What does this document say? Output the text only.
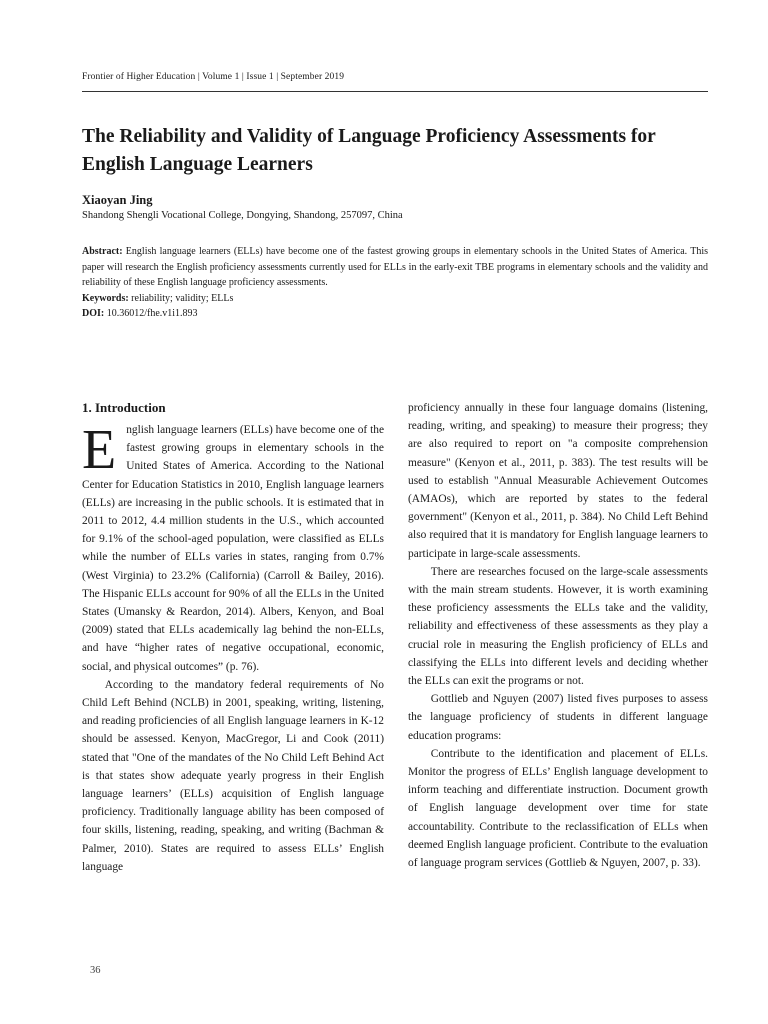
Frontier of Higher Education | Volume 1 | Issue 1 | September 2019
The Reliability and Validity of Language Proficiency Assessments for English Language Learners
Xiaoyan Jing
Shandong Shengli Vocational College, Dongying, Shandong, 257097, China

Abstract: English language learners (ELLs) have become one of the fastest growing groups in elementary schools in the United States of America. This paper will research the English proficiency assessments currently used for ELLs in the early-exit TBE programs in elementary schools and the validity and reliability of these English language proficiency assessments.

Keywords: reliability; validity; ELLs
DOI: 10.36012/fhe.v1i1.893
1. Introduction

English language learners (ELLs) have become one of the fastest growing groups in elementary schools in the United States of America. According to the National Center for Education Statistics in 2010, English language learners (ELLs) are increasing in the public schools. It is estimated that in 2011 to 2012, 4.4 million students in the U.S., which accounted for 9.1% of the school-aged population, were classified as ELLs while the number of ELLs varies in states, ranging from 0.7% (West Virginia) to 23.2% (California) (Carroll & Bailey, 2016). The Hispanic ELLs account for 90% of all the ELLs in the United States (Umansky & Reardon, 2014). Albers, Kenyon, and Boal (2009) stated that ELLs academically lag behind the non-ELLs, and have “higher rates of negative occupational, economic, social, and physical outcomes” (p. 76).

According to the mandatory federal requirements of No Child Left Behind (NCLB) in 2001, speaking, writing, listening, and reading proficiencies of all English language learners in K-12 should be assessed. Kenyon, MacGregor, Li and Cook (2011) stated that "One of the mandates of the No Child Left Behind Act is that states show adequate yearly progress in their English language learners’ (ELLs) acquisition of English language proficiency. Traditionally language ability has been composed of four skills, listening, reading, speaking, and writing (Bachman & Palmer, 2010). States are required to assess ELLs’ English language

proficiency annually in these four language domains (listening, reading, writing, and speaking) to measure their progress; they are also required to report on "a composite comprehension measure" (Kenyon et al., 2011, p. 383). The test results will be used to establish "Annual Measurable Achievement Outcomes (AMAOs), which are reported by states to the federal government" (Kenyon et al., 2011, p. 384). No Child Left Behind also required that it is mandatory for English language learners to participate in large-scale assessments.

There are researches focused on the large-scale assessments with the main stream students. However, it is worth examining these proficiency assessments the ELLs take and the validity, reliability and effectiveness of these assessments as they play a crucial role in measuring the English proficiency of ELLs and classifying the ELLs into different levels and deciding whether the ELLs can exit the programs or not.

Gottlieb and Nguyen (2007) listed fives purposes to assess the language proficiency of students in different language education programs:

Contribute to the identification and placement of ELLs. Monitor the progress of ELLs’ English language development to inform teaching and differentiate instruction. Document growth of English language development over time for state accountability. Contribute to the reclassification of ELLs when deemed English language proficient. Contribute to the evaluation of language program services (Gottlieb & Nguyen, 2007, p. 33).

36
